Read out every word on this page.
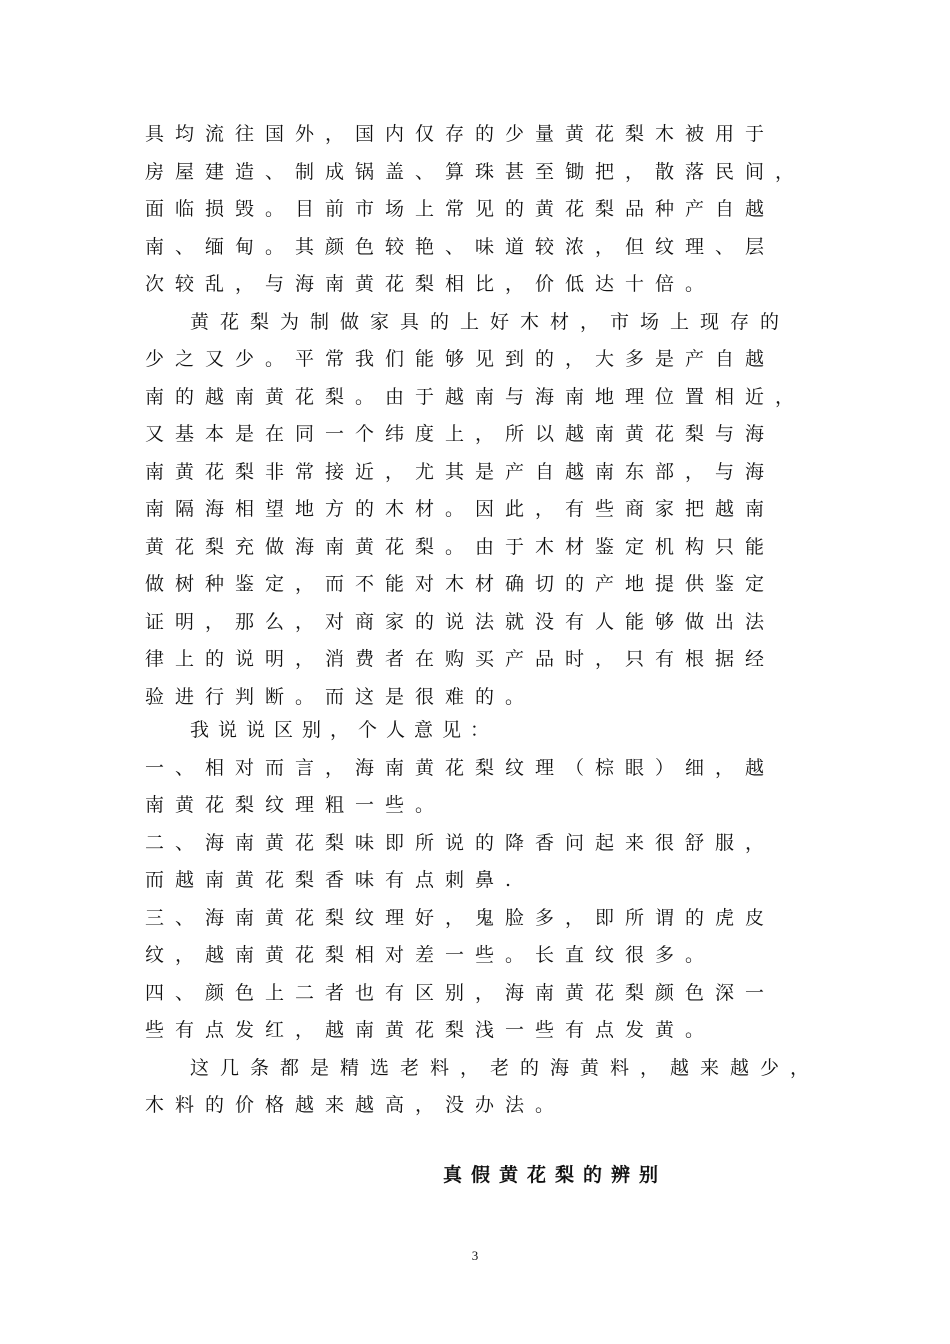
具均流往国外，国内仅存的少量黄花梨木被用于
房屋建造、制成锅盖、算珠甚至锄把，散落民间，
面临损毁。目前市场上常见的黄花梨品种产自越
南、缅甸。其颜色较艳、味道较浓，但纹理、层
次较乱，与海南黄花梨相比，价低达十倍。
黄花梨为制做家具的上好木材，市场上现存的
少之又少。平常我们能够见到的，大多是产自越
南的越南黄花梨。由于越南与海南地理位置相近，
又基本是在同一个纬度上，所以越南黄花梨与海
南黄花梨非常接近，尤其是产自越南东部，与海
南隔海相望地方的木材。因此，有些商家把越南
黄花梨充做海南黄花梨。由于木材鉴定机构只能
做树种鉴定，而不能对木材确切的产地提供鉴定
证明，那么，对商家的说法就没有人能够做出法
律上的说明，消费者在购买产品时，只有根据经
验进行判断。而这是很难的。
我说说区别，个人意见：
一、相对而言，海南黄花梨纹理（棕眼）细，越
南黄花梨纹理粗一些。
二、海南黄花梨味即所说的降香问起来很舒服，
而越南黄花梨香味有点刺鼻.
三、海南黄花梨纹理好，鬼脸多，即所谓的虎皮
纹，越南黄花梨相对差一些。长直纹很多。
四、颜色上二者也有区别，海南黄花梨颜色深一
些有点发红，越南黄花梨浅一些有点发黄。
这几条都是精选老料，老的海黄料，越来越少，
木料的价格越来越高，没办法。
真假黄花梨的辨别
3
